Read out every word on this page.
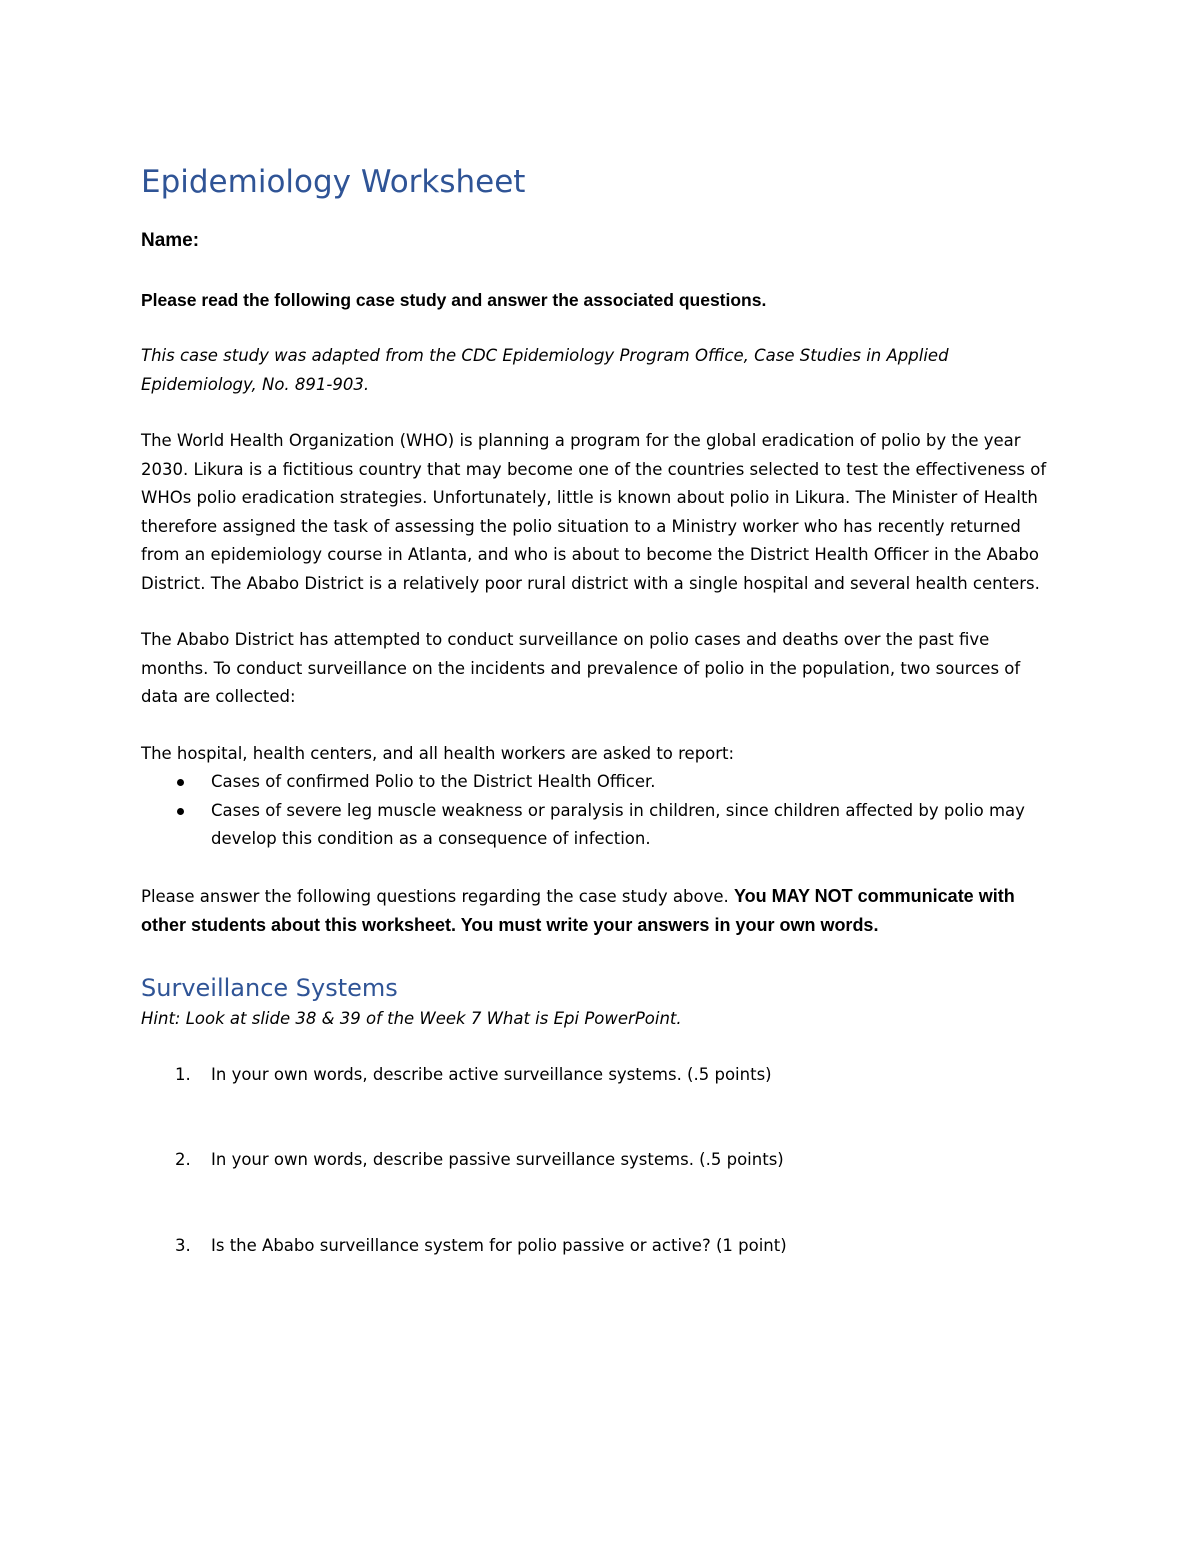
Epidemiology Worksheet

Name:

Please read the following case study and answer the associated questions.

This case study was adapted from the CDC Epidemiology Program Office, Case Studies in Applied Epidemiology, No. 891-903.

The World Health Organization (WHO) is planning a program for the global eradication of polio by the year 2030. Likura is a fictitious country that may become one of the countries selected to test the effectiveness of WHOs polio eradication strategies. Unfortunately, little is known about polio in Likura. The Minister of Health therefore assigned the task of assessing the polio situation to a Ministry worker who has recently returned from an epidemiology course in Atlanta, and who is about to become the District Health Officer in the Ababo District. The Ababo District is a relatively poor rural district with a single hospital and several health centers.

The Ababo District has attempted to conduct surveillance on polio cases and deaths over the past five months. To conduct surveillance on the incidents and prevalence of polio in the population, two sources of data are collected:

The hospital, health centers, and all health workers are asked to report:

Cases of confirmed Polio to the District Health Officer.
Cases of severe leg muscle weakness or paralysis in children, since children affected by polio may develop this condition as a consequence of infection.

Please answer the following questions regarding the case study above. You MAY NOT communicate with other students about this worksheet. You must write your answers in your own words.

Surveillance Systems

Hint: Look at slide 38 & 39 of the Week 7 What is Epi PowerPoint.

1. In your own words, describe active surveillance systems. (.5 points)
2. In your own words, describe passive surveillance systems. (.5 points)
3. Is the Ababo surveillance system for polio passive or active? (1 point)
